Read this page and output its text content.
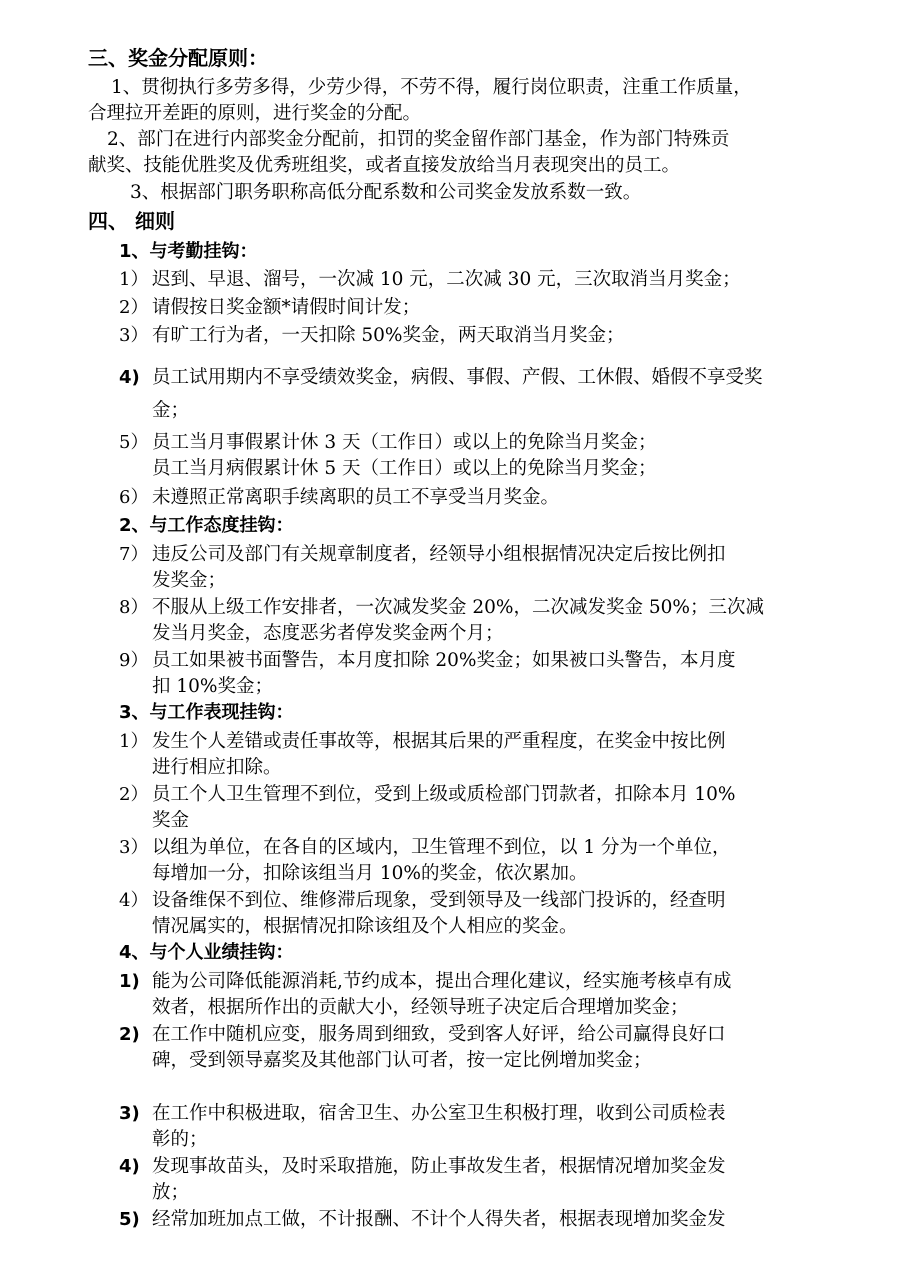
三、奖金分配原则：
1、贯彻执行多劳多得，少劳少得，不劳不得，履行岗位职责，注重工作质量，
合理拉开差距的原则，进行奖金的分配。
2、部门在进行内部奖金分配前，扣罚的奖金留作部门基金，作为部门特殊贡
献奖、技能优胜奖及优秀班组奖，或者直接发放给当月表现突出的员工。
3、根据部门职务职称高低分配系数和公司奖金发放系数一致。
四、 细则
1、与考勤挂钩：
1） 迟到、早退、溜号，一次减 10 元，二次减 30 元，三次取消当月奖金；
2） 请假按日奖金额*请假时间计发；
3） 有旷工行为者，一天扣除 50%奖金，两天取消当月奖金；
4) 员工试用期内不享受绩效奖金，病假、事假、产假、工休假、婚假不享受奖
金；
5） 员工当月事假累计休 3 天（工作日）或以上的免除当月奖金；
员工当月病假累计休 5 天（工作日）或以上的免除当月奖金；
6） 未遵照正常离职手续离职的员工不享受当月奖金。
2、与工作态度挂钩：
7） 违反公司及部门有关规章制度者，经领导小组根据情况决定后按比例扣
发奖金；
8） 不服从上级工作安排者，一次减发奖金 20%，二次减发奖金 50%；三次减
发当月奖金，态度恶劣者停发奖金两个月；
9） 员工如果被书面警告，本月度扣除 20%奖金；如果被口头警告，本月度
扣 10%奖金；
3、与工作表现挂钩：
1） 发生个人差错或责任事故等，根据其后果的严重程度，在奖金中按比例
进行相应扣除。
2） 员工个人卫生管理不到位，受到上级或质检部门罚款者，扣除本月 10%
奖金
3） 以组为单位，在各自的区域内，卫生管理不到位，以 1 分为一个单位，
每增加一分，扣除该组当月 10%的奖金，依次累加。
4） 设备维保不到位、维修滞后现象，受到领导及一线部门投诉的，经查明
情况属实的，根据情况扣除该组及个人相应的奖金。
4、与个人业绩挂钩：
1) 能为公司降低能源消耗,节约成本，提出合理化建议，经实施考核卓有成
效者，根据所作出的贡献大小，经领导班子决定后合理增加奖金；
2) 在工作中随机应变，服务周到细致，受到客人好评，给公司赢得良好口
碑，受到领导嘉奖及其他部门认可者，按一定比例增加奖金；
3) 在工作中积极进取，宿舍卫生、办公室卫生积极打理，收到公司质检表
彰的；
4) 发现事故苗头，及时采取措施，防止事故发生者，根据情况增加奖金发
放；
5) 经常加班加点工做，不计报酬、不计个人得失者，根据表现增加奖金发
